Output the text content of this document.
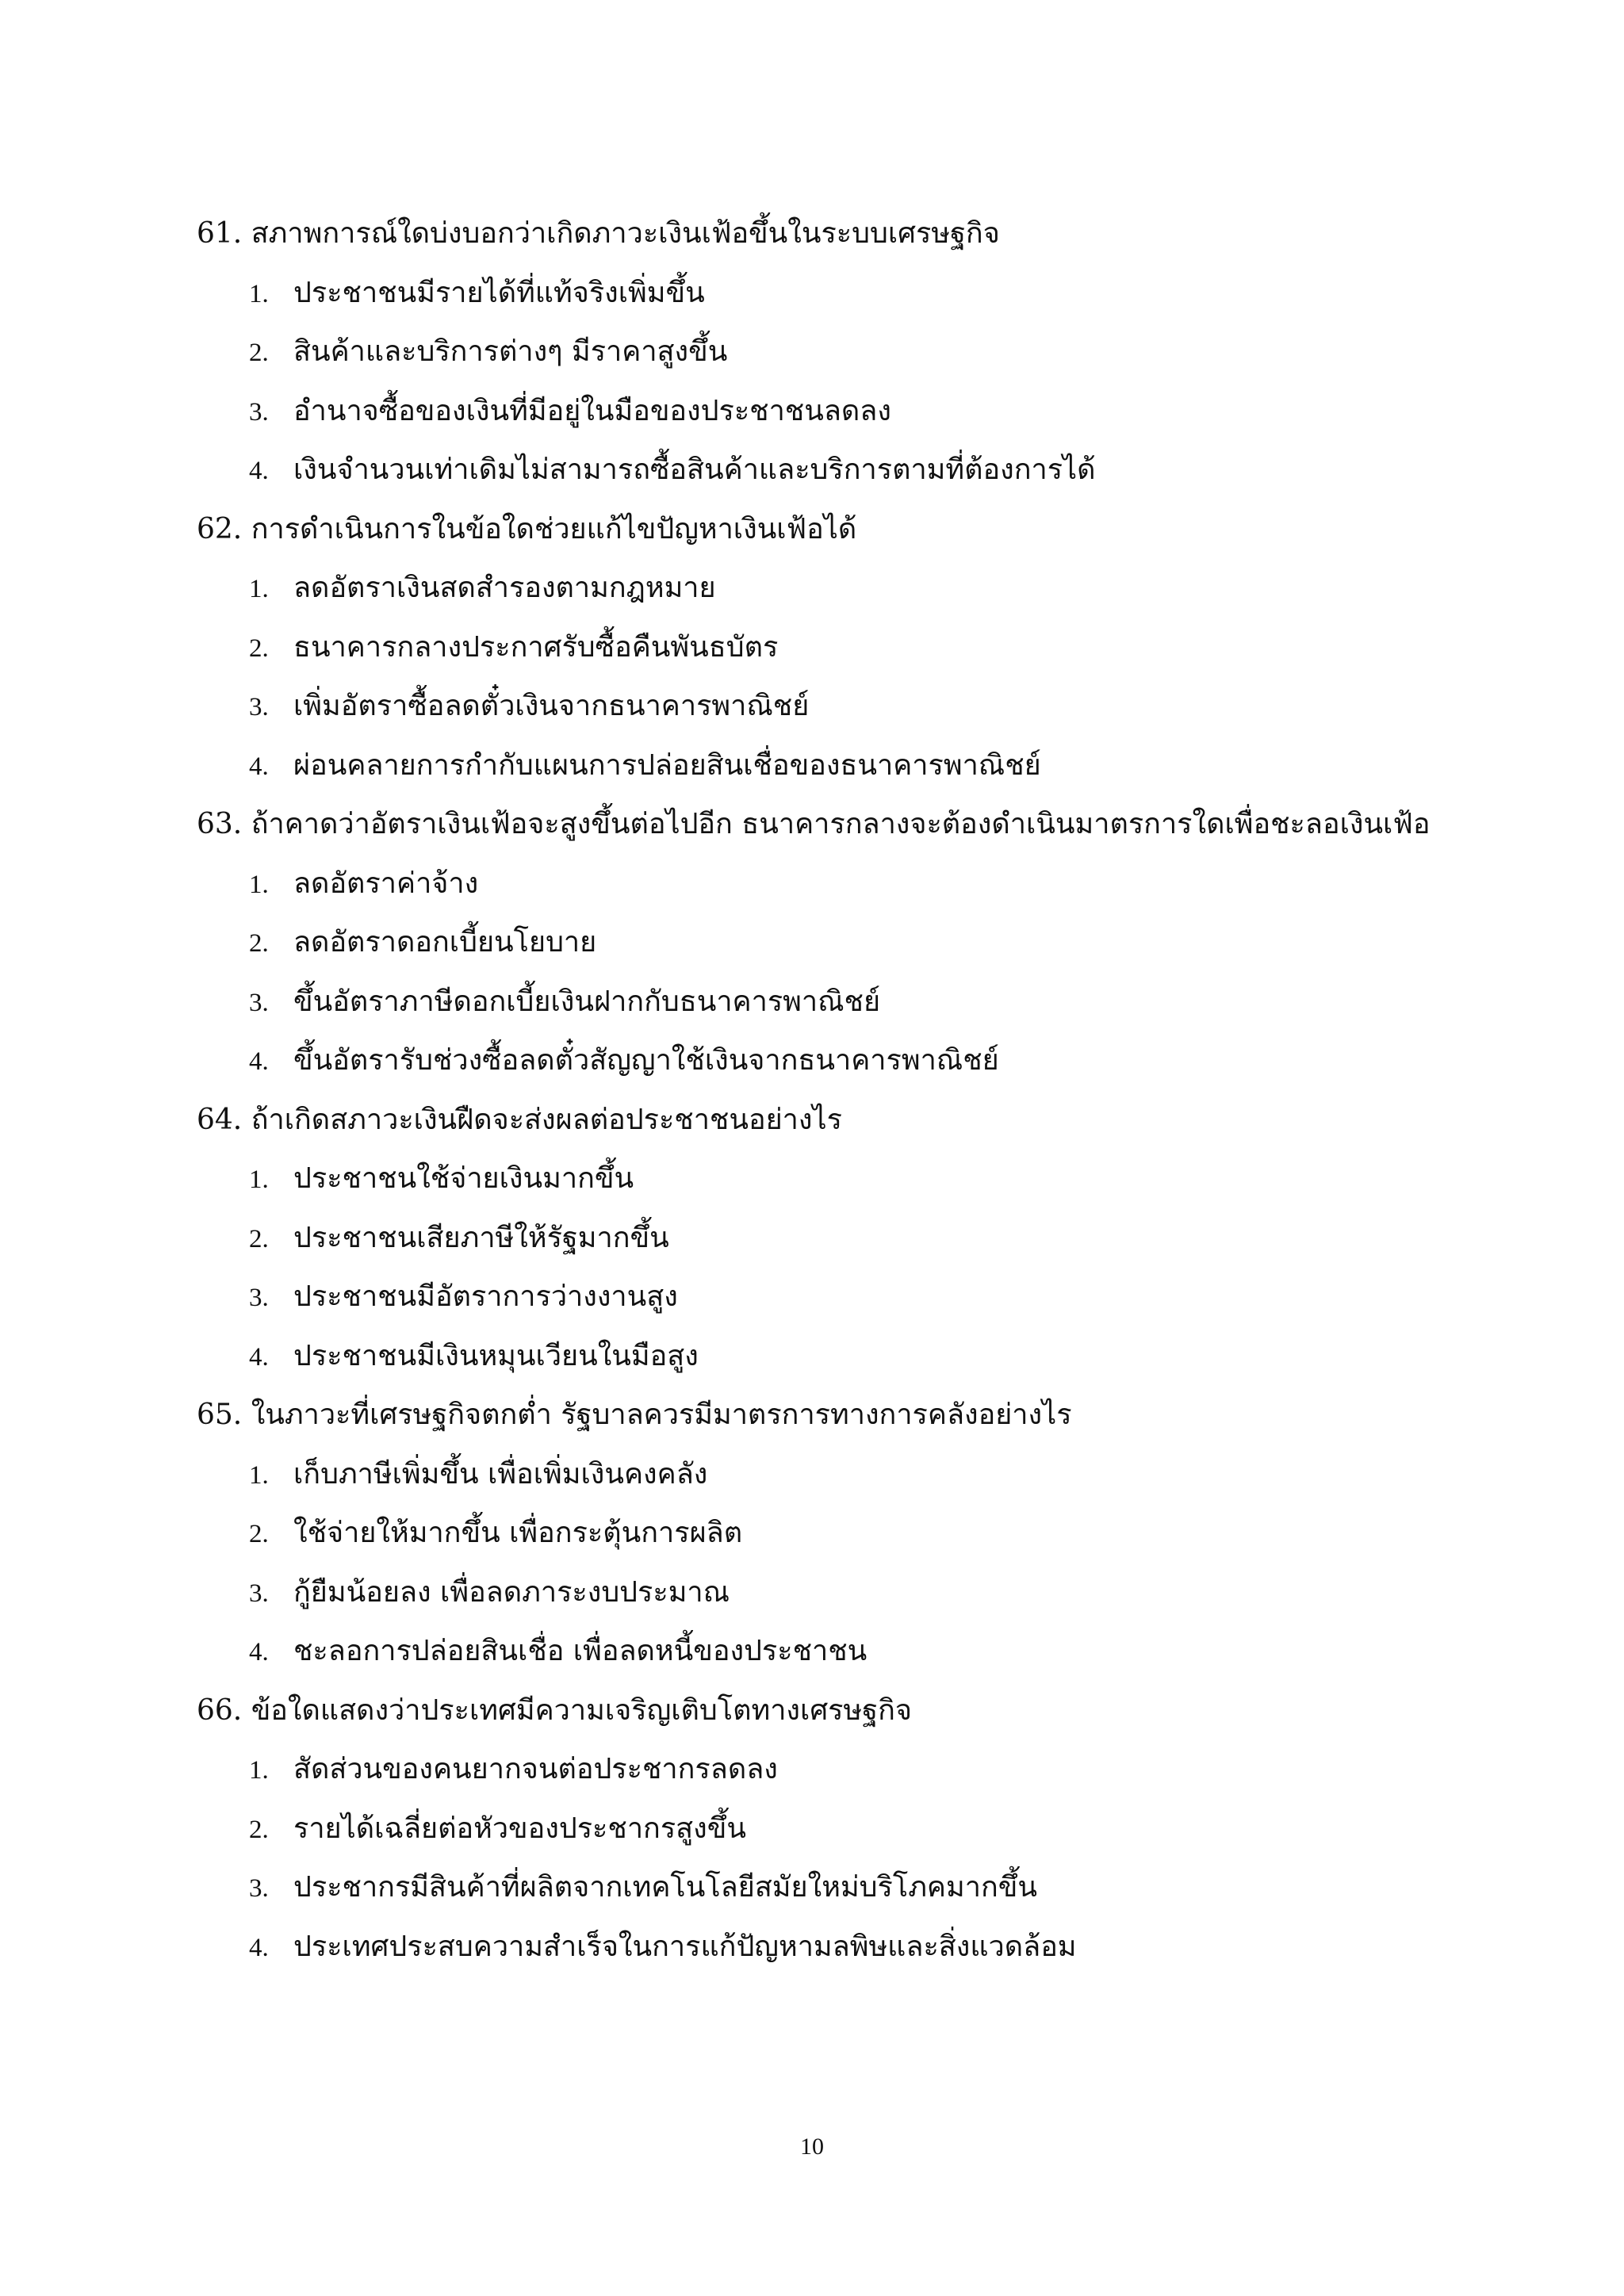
61. สภาพการณ์ใดบ่งบอกว่าเกิดภาวะเงินเฟ้อขึ้นในระบบเศรษฐกิจ
1. ประชาชนมีรายได้ที่แท้จริงเพิ่มขึ้น
2. สินค้าและบริการต่างๆ มีราคาสูงขึ้น
3. อำนาจซื้อของเงินที่มีอยู่ในมือของประชาชนลดลง
4. เงินจำนวนเท่าเดิมไม่สามารถซื้อสินค้าและบริการตามที่ต้องการได้
62. การดำเนินการในข้อใดช่วยแก้ไขปัญหาเงินเฟ้อได้
1. ลดอัตราเงินสดสำรองตามกฎหมาย
2. ธนาคารกลางประกาศรับซื้อคืนพันธบัตร
3. เพิ่มอัตราซื้อลดตั๋วเงินจากธนาคารพาณิชย์
4. ผ่อนคลายการกำกับแผนการปล่อยสินเชื่อของธนาคารพาณิชย์
63. ถ้าคาดว่าอัตราเงินเฟ้อจะสูงขึ้นต่อไปอีก ธนาคารกลางจะต้องดำเนินมาตรการใดเพื่อชะลอเงินเฟ้อ
1. ลดอัตราค่าจ้าง
2. ลดอัตราดอกเบี้ยนโยบาย
3. ขึ้นอัตราภาษีดอกเบี้ยเงินฝากกับธนาคารพาณิชย์
4. ขึ้นอัตรารับช่วงซื้อลดตั๋วสัญญาใช้เงินจากธนาคารพาณิชย์
64. ถ้าเกิดสภาวะเงินฝืดจะส่งผลต่อประชาชนอย่างไร
1. ประชาชนใช้จ่ายเงินมากขึ้น
2. ประชาชนเสียภาษีให้รัฐมากขึ้น
3. ประชาชนมีอัตราการว่างงานสูง
4. ประชาชนมีเงินหมุนเวียนในมือสูง
65. ในภาวะที่เศรษฐกิจตกต่ำ รัฐบาลควรมีมาตรการทางการคลังอย่างไร
1. เก็บภาษีเพิ่มขึ้น เพื่อเพิ่มเงินคงคลัง
2. ใช้จ่ายให้มากขึ้น เพื่อกระตุ้นการผลิต
3. กู้ยืมน้อยลง เพื่อลดภาระงบประมาณ
4. ชะลอการปล่อยสินเชื่อ เพื่อลดหนี้ของประชาชน
66. ข้อใดแสดงว่าประเทศมีความเจริญเติบโตทางเศรษฐกิจ
1. สัดส่วนของคนยากจนต่อประชากรลดลง
2. รายได้เฉลี่ยต่อหัวของประชากรสูงขึ้น
3. ประชากรมีสินค้าที่ผลิตจากเทคโนโลยีสมัยใหม่บริโภคมากขึ้น
4. ประเทศประสบความสำเร็จในการแก้ปัญหามลพิษและสิ่งแวดล้อม
10
